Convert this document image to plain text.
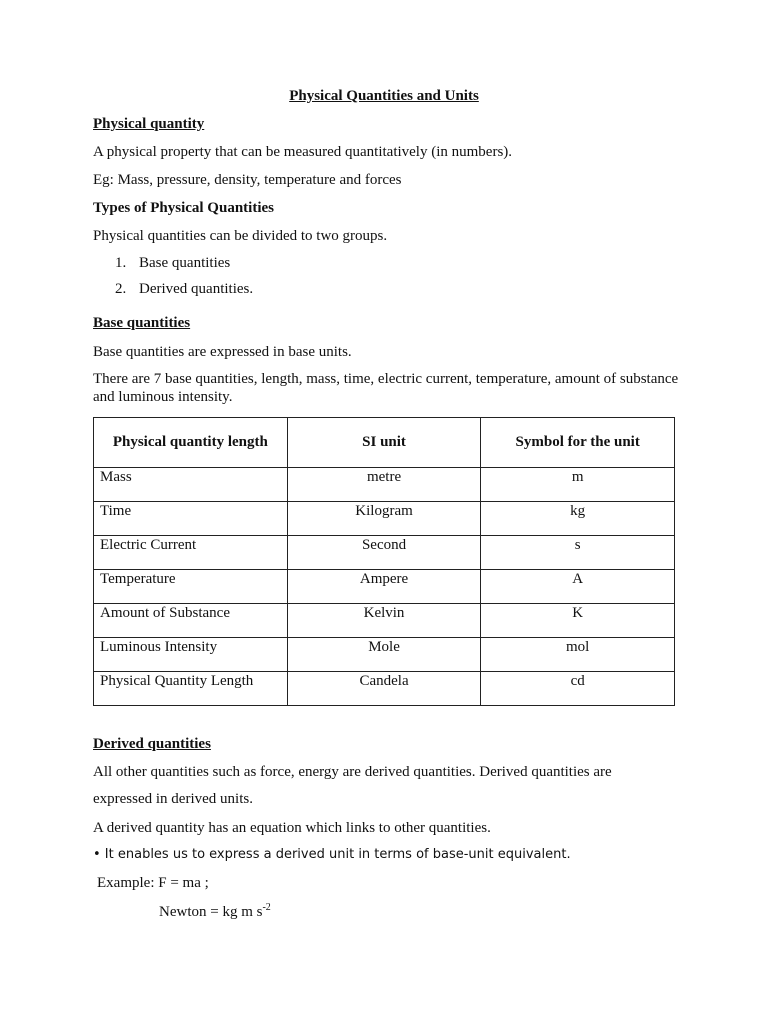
Physical Quantities and Units
Physical quantity
A physical property that can be measured quantitatively (in numbers).
Eg: Mass, pressure, density, temperature and forces
Types of Physical Quantities
Physical quantities can be divided to two groups.
1. Base quantities
2. Derived quantities.
Base quantities
Base quantities are expressed in base units.
There are 7 base quantities, length, mass, time, electric current, temperature, amount of substance and luminous intensity.
Physical quantity length	SI unit	Symbol for the unit
Mass	metre	m
Time	Kilogram	kg
Electric Current	Second	s
Temperature	Ampere	A
Amount of Substance	Kelvin	K
Luminous Intensity	Mole	mol
Physical Quantity Length	Candela	cd
Derived quantities
All other quantities such as force, energy are derived quantities. Derived quantities are
expressed in derived units.
A derived quantity has an equation which links to other quantities.
• It enables us to express a derived unit in terms of base-unit equivalent.
Example: F = ma ;
Newton = kg m $s^{-2}$
